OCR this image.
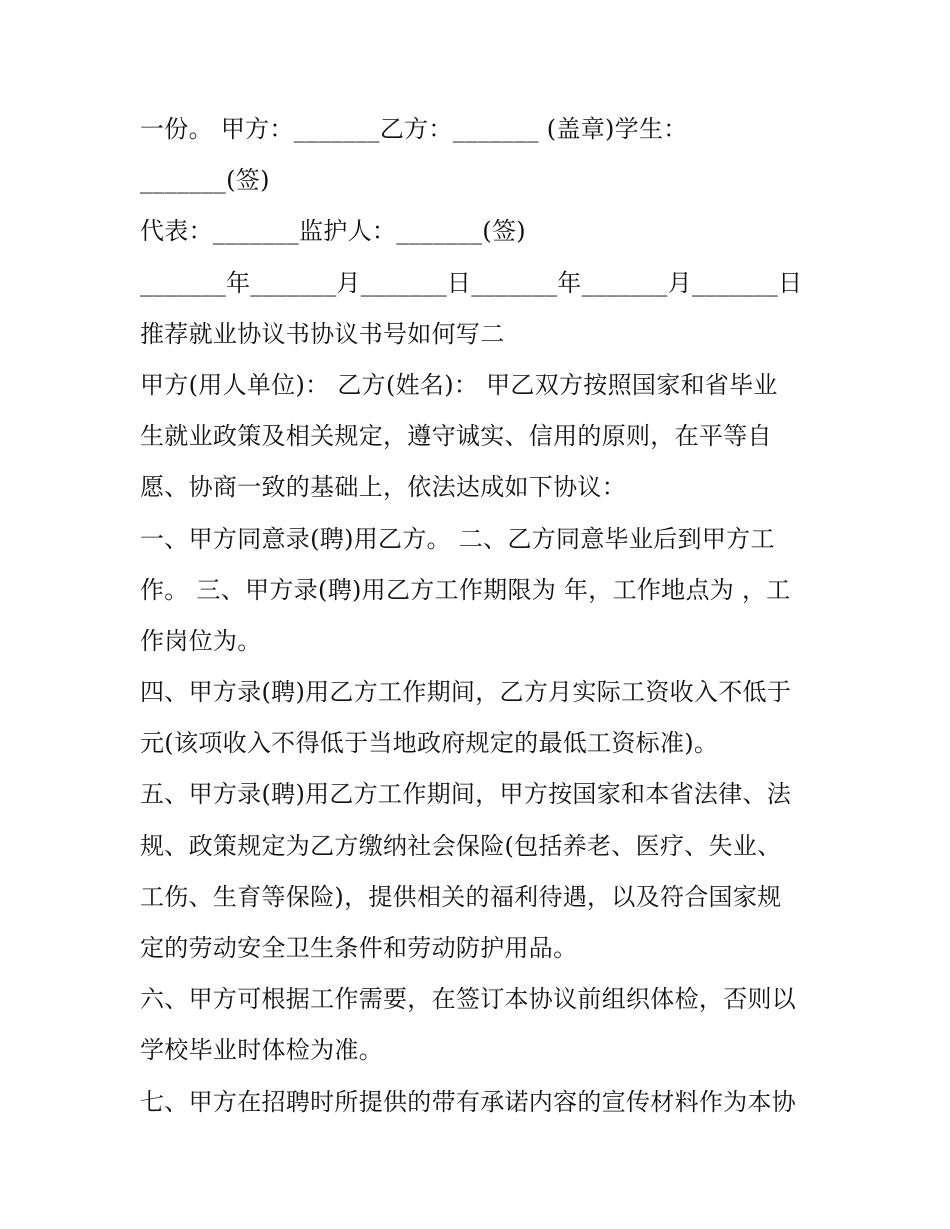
一份。 甲方：_______乙方：_______ (盖章)学生：
_______(签)
代表：_______监护人：_______(签)
_______年_______月_______日_______年_______月_______日
推荐就业协议书协议书号如何写二
甲方(用人单位)： 乙方(姓名)： 甲乙双方按照国家和省毕业
生就业政策及相关规定，遵守诚实、信用的原则，在平等自
愿、协商一致的基础上，依法达成如下协议：
一、甲方同意录(聘)用乙方。 二、乙方同意毕业后到甲方工
作。 三、甲方录(聘)用乙方工作期限为 年，工作地点为 ，工
作岗位为。
四、甲方录(聘)用乙方工作期间，乙方月实际工资收入不低于
元(该项收入不得低于当地政府规定的最低工资标准)。
五、甲方录(聘)用乙方工作期间，甲方按国家和本省法律、法
规、政策规定为乙方缴纳社会保险(包括养老、医疗、失业、
工伤、生育等保险)，提供相关的福利待遇，以及符合国家规
定的劳动安全卫生条件和劳动防护用品。
六、甲方可根据工作需要，在签订本协议前组织体检，否则以
学校毕业时体检为准。
七、甲方在招聘时所提供的带有承诺内容的宣传材料作为本协
